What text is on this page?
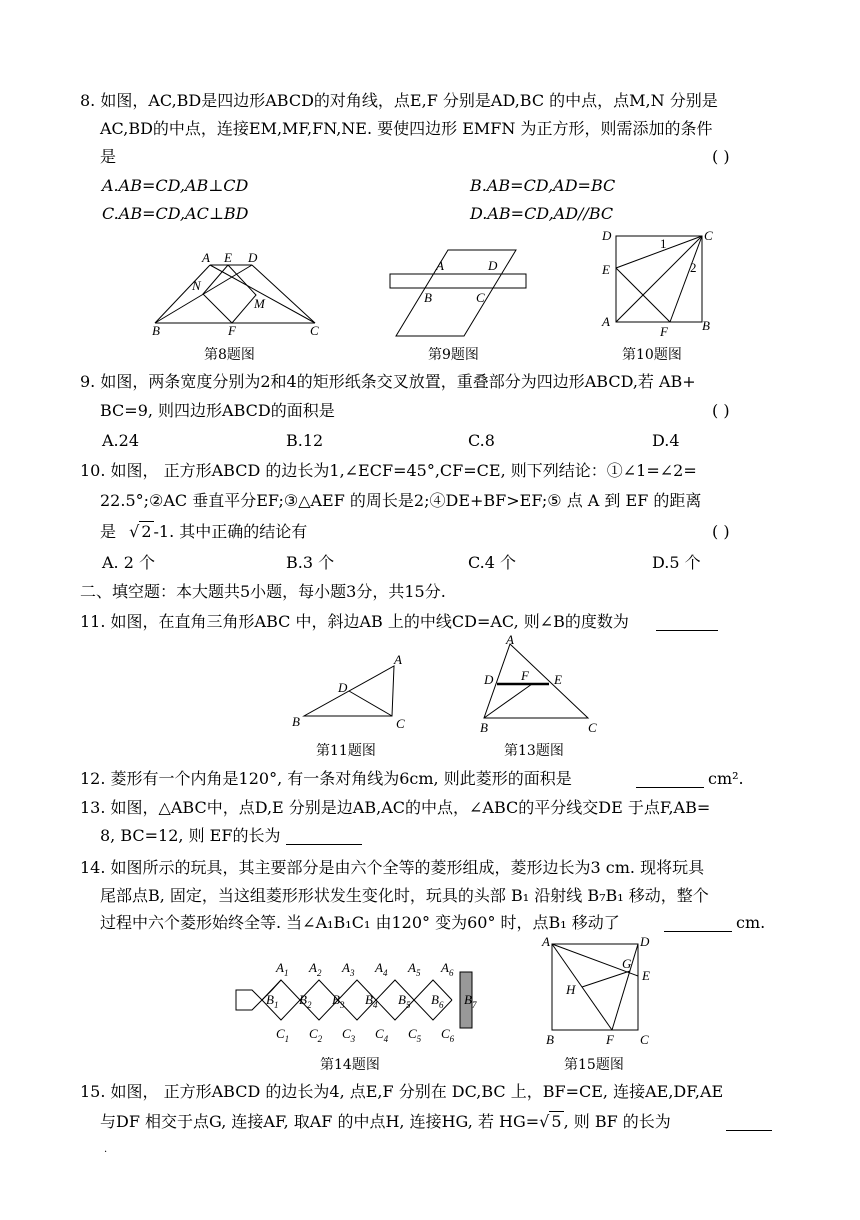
8. 如图，AC,BD是四边形ABCD的对角线，点E,F 分别是AD,BC 的中点，点M,N 分别是
AC,BD的中点，连接EM,MF,FN,NE. 要使四边形 EMFN 为正方形，则需添加的条件
是	( )
A.AB=CD,AB⊥CD	B.AB=CD,AD=BC
C.AB=CD,AC⊥BD	D.AB=CD,AD//BC
A E D
N
M
B	F	C
第8题图
A	D
B	C
第9题图
D	C
E
1
2
A
F	B
第10题图
9. 如图，两条宽度分别为2和4的矩形纸条交叉放置，重叠部分为四边形ABCD,若 AB+
BC=9, 则四边形ABCD的面积是	( )
A.24	B.12	C.8	D.4
10. 如图， 正方形ABCD 的边长为1,∠ECF=45°,CF=CE, 则下列结论：①∠1=∠2=
22.5°;②AC 垂直平分EF;③△AEF 的周长是2;④DE+BF>EF;⑤ 点 A 到 EF 的距离
是 √ 2 -1. 其中正确的结论有	( )
A. 2 个	B.3 个	C.4 个	D.5 个
二、填空题：本大题共5小题，每小题3分，共15分.
11. 如图，在直角三角形ABC 中，斜边AB 上的中线CD=AC, 则∠B的度数为
A
D
B	C
第11题图
A
D F E
B	C
第13题图
12. 菱形有一个内角是120°, 有一条对角线为6cm, 则此菱形的面积是	cm².
13. 如图，△ABC中，点D,E 分别是边AB,AC的中点，∠ABC的平分线交DE 于点F,AB=
8, BC=12, 则 EF的长为
14. 如图所示的玩具，其主要部分是由六个全等的菱形组成，菱形边长为3 cm. 现将玩具
尾部点B, 固定，当这组菱形形状发生变化时，玩具的头部 B₁ 沿射线 B₇B₁ 移动，整个
过程中六个菱形始终全等. 当∠A₁B₁C₁ 由120° 变为60° 时，点B₁ 移动了	cm.
$A_1$ $A_2$ $A_3$ $A_4$ $A_5$ $A_6$
$B_1$ $B_2$ $B_3$ $B_4$ $B_5$ $B_6$ $B_7$
$C_1$ $C_2$ $C_3$ $C_4$ $C_5$ $C_6$
第14题图
A	D
G
E
H
B	F C
第15题图
15. 如图， 正方形ABCD 的边长为4, 点E,F 分别在 DC,BC 上，BF=CE, 连接AE,DF,AE
与DF 相交于点G, 连接AF, 取AF 的中点H, 连接HG, 若 HG=√ 5 , 则 BF 的长为
.
